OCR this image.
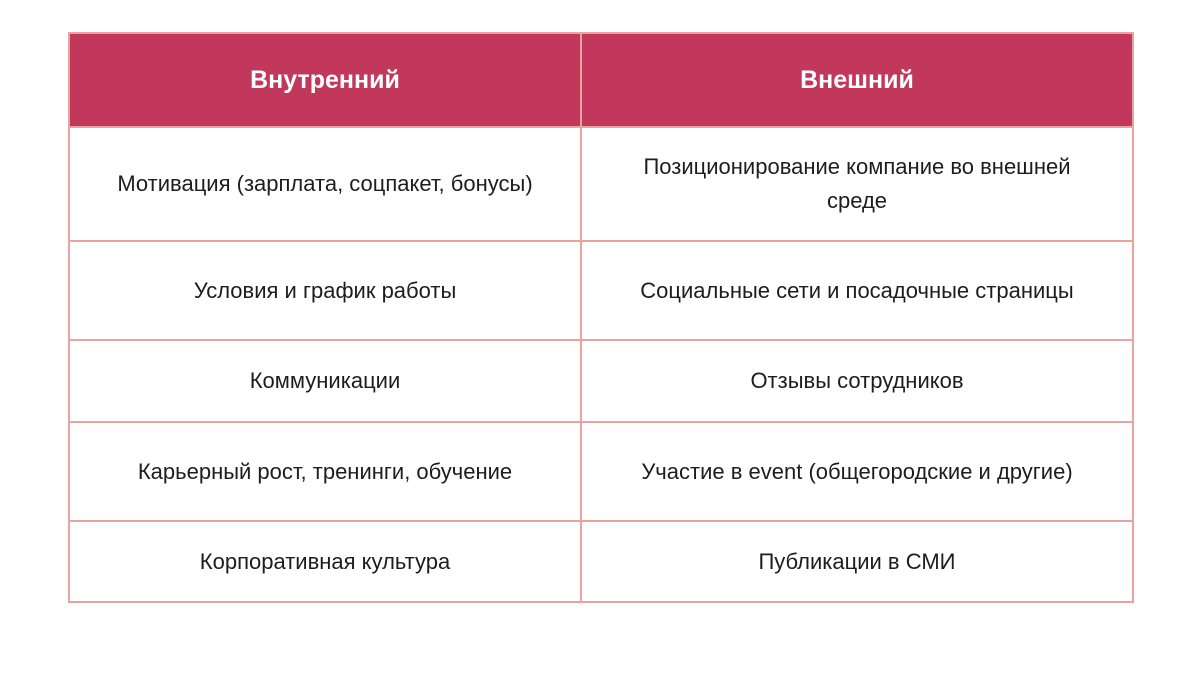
Внутренний	Внешний
Мотивация (зарплата, соцпакет, бонусы)	Позиционирование компание во внешней среде
Условия и график работы	Социальные сети и посадочные страницы
Коммуникации	Отзывы сотрудников
Карьерный рост, тренинги, обучение	Участие в event (общегородские и другие)
Корпоративная культура	Публикации в СМИ
